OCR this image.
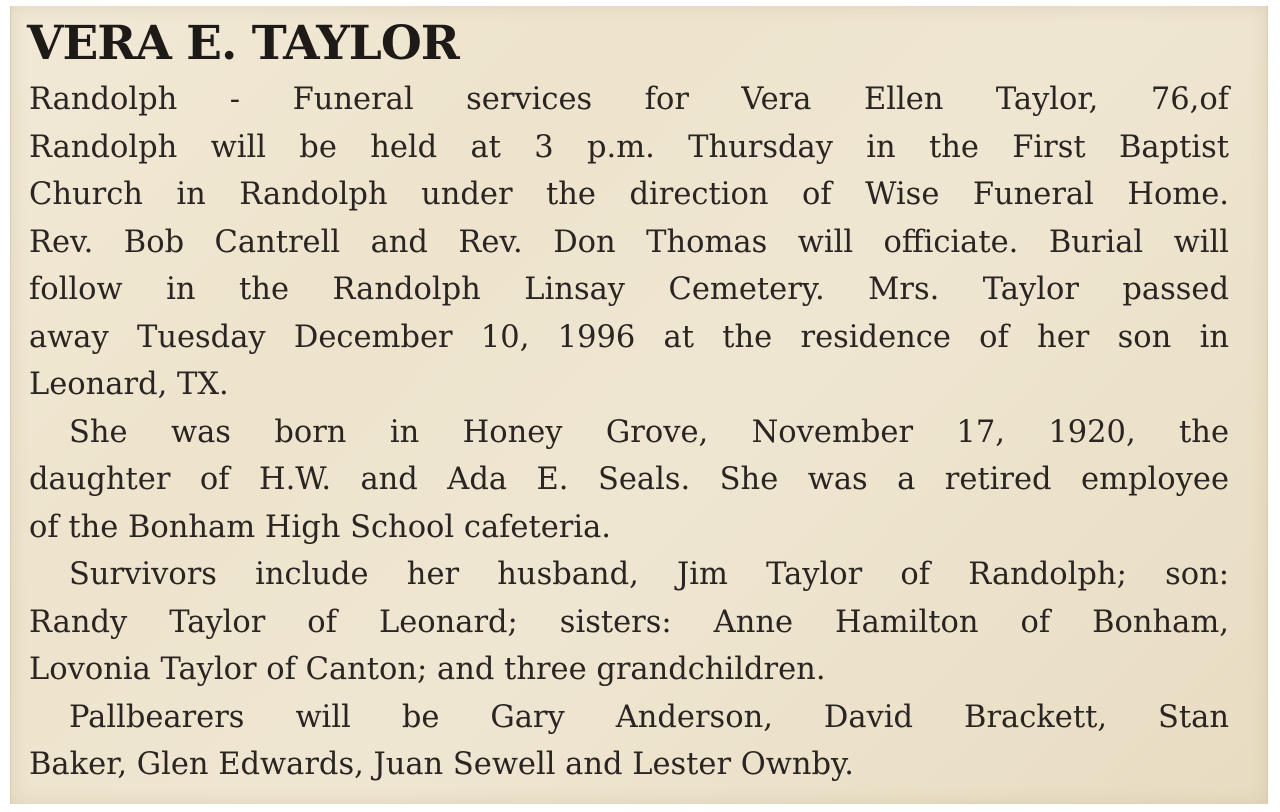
VERA E. TAYLOR
Randolph - Funeral services for Vera Ellen Taylor, 76,of
Randolph will be held at 3 p.m. Thursday in the First Baptist
Church in Randolph under the direction of Wise Funeral Home.
Rev. Bob Cantrell and Rev. Don Thomas will officiate. Burial will
follow in the Randolph Linsay Cemetery. Mrs. Taylor passed
away Tuesday December 10, 1996 at the residence of her son in
Leonard, TX.
She was born in Honey Grove, November 17, 1920, the
daughter of H.W. and Ada E. Seals. She was a retired employee
of the Bonham High School cafeteria.
Survivors include her husband, Jim Taylor of Randolph; son:
Randy Taylor of Leonard; sisters: Anne Hamilton of Bonham,
Lovonia Taylor of Canton; and three grandchildren.
Pallbearers will be Gary Anderson, David Brackett, Stan
Baker, Glen Edwards, Juan Sewell and Lester Ownby.
